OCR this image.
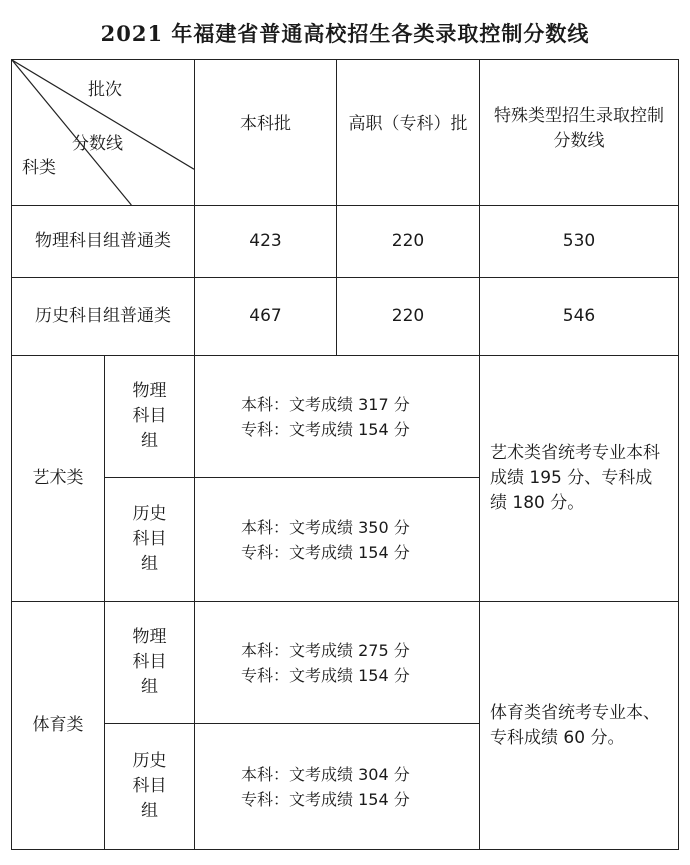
2021 年福建省普通高校招生各类录取控制分数线
批次
分数线
科类		本科批	高职（专科）批	特殊类型招生录取控制分数线

物理科目组普通类		423	220	530
历史科目组普通类		467	220	546
艺术类	物理科目组	本科：文考成绩 317 分
专科：文考成绩 154 分		艺术类省统考专业本科成绩 195 分、专科成绩 180 分。

	历史科目组	本科：文考成绩 350 分
专科：文考成绩 154 分		

体育类	物理科目组	本科：文考成绩 275 分
专科：文考成绩 154 分		体育类省统考专业本、专科成绩 60 分。

	历史科目组	本科：文考成绩 304 分
专科：文考成绩 154 分		
